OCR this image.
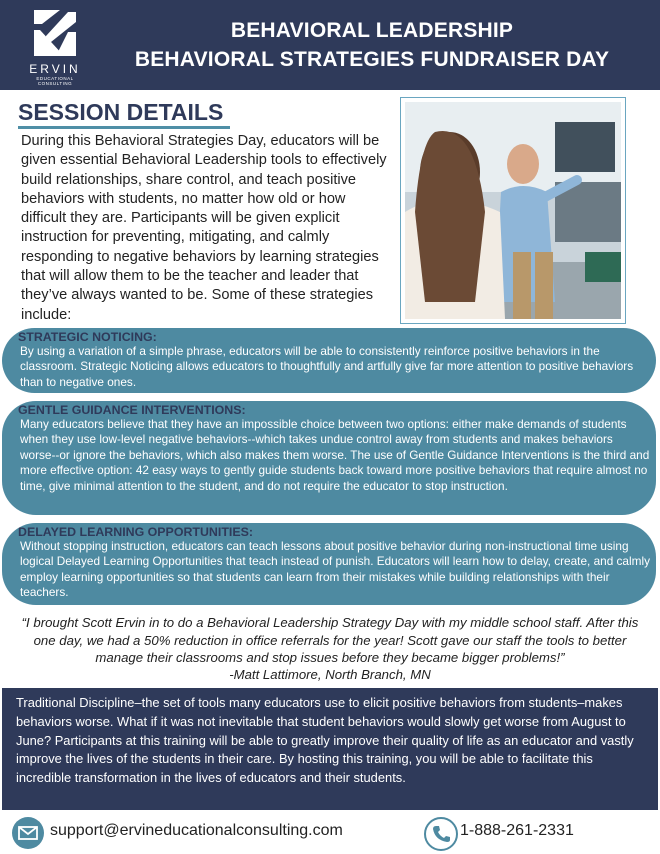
ERVIN
EDUCATIONAL CONSULTING
BEHAVIORAL LEADERSHIP
BEHAVIORAL STRATEGIES FUNDRAISER DAY
SESSION DETAILS
During this Behavioral Strategies Day, educators will be given essential Behavioral Leadership tools to effectively build relationships, share control, and teach positive behaviors with students, no matter how old or how difficult they are. Participants will be given explicit instruction for preventing, mitigating, and calmly responding to negative behaviors by learning strategies that will allow them to be the teacher and leader that they’ve always wanted to be. Some of these strategies include:
STRATEGIC NOTICING:
By using a variation of a simple phrase, educators will be able to consistently reinforce positive behaviors in the classroom. Strategic Noticing allows educators to thoughtfully and artfully give far more attention to positive behaviors than to negative ones.
GENTLE GUIDANCE INTERVENTIONS:
Many educators believe that they have an impossible choice between two options: either make demands of students when they use low-level negative behaviors--which takes undue control away from students and makes behaviors worse--or ignore the behaviors, which also makes them worse. The use of Gentle Guidance Interventions is the third and more effective option: 42 easy ways to gently guide students back toward more positive behaviors that require almost no time, give minimal attention to the student, and do not require the educator to stop instruction.
DELAYED LEARNING OPPORTUNITIES:
Without stopping instruction, educators can teach lessons about positive behavior during non-instructional time using logical Delayed Learning Opportunities that teach instead of punish. Educators will learn how to delay, create, and calmly employ learning opportunities so that students can learn from their mistakes while building relationships with their teachers.
“I brought Scott Ervin in to do a Behavioral Leadership Strategy Day with my middle school staff. After this one day, we had a 50% reduction in office referrals for the year! Scott gave our staff the tools to better manage their classrooms and stop issues before they became bigger problems!”
-Matt Lattimore, North Branch, MN
Traditional Discipline–the set of tools many educators use to elicit positive behaviors from students–makes behaviors worse. What if it was not inevitable that student behaviors would slowly get worse from August to June? Participants at this training will be able to greatly improve their quality of life as an educator and vastly improve the lives of the students in their care. By hosting this training, you will be able to facilitate this incredible transformation in the lives of educators and their students.
support@ervineducationalconsulting.com	1-888-261-2331
